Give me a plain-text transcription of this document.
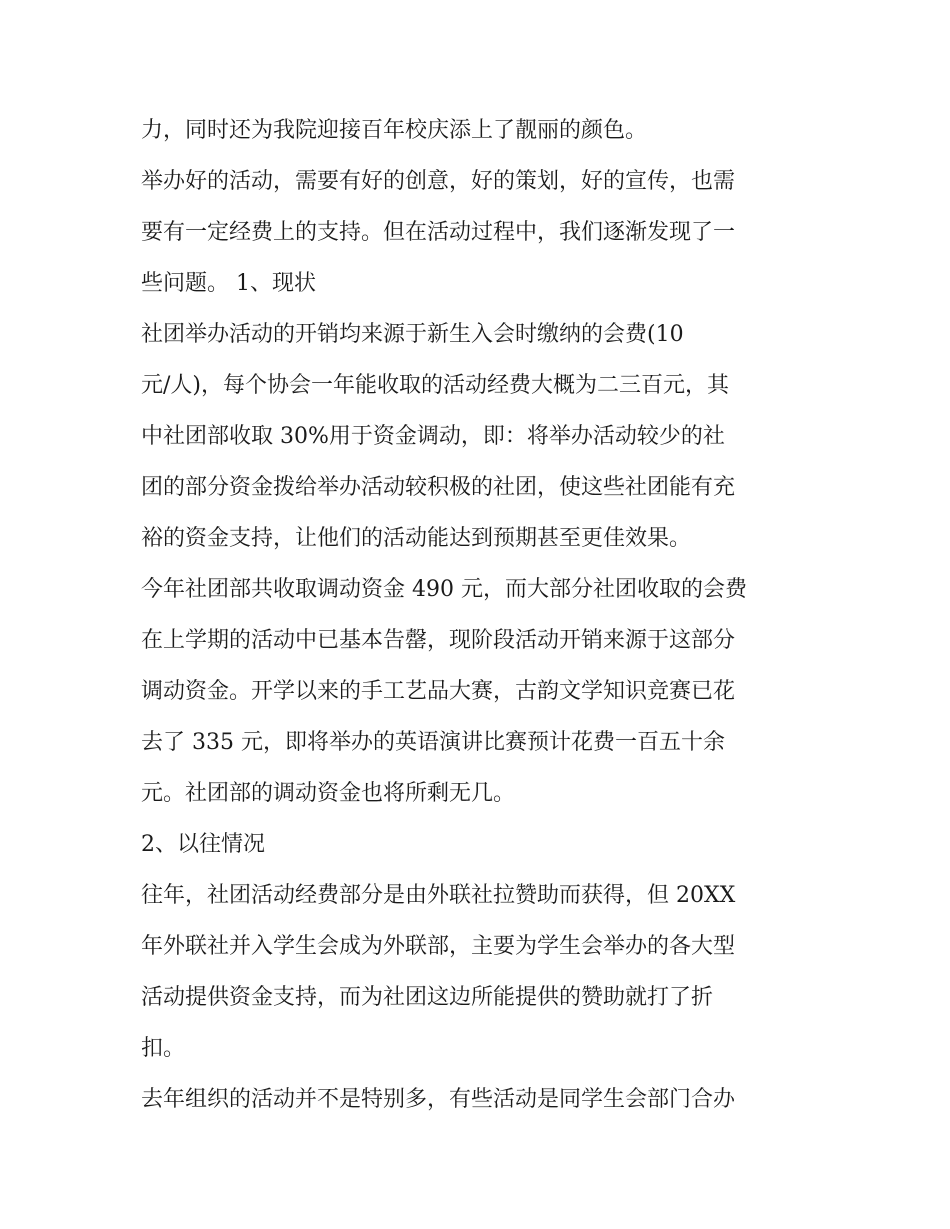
力，同时还为我院迎接百年校庆添上了靓丽的颜色。
举办好的活动，需要有好的创意，好的策划，好的宣传，也需
要有一定经费上的支持。但在活动过程中，我们逐渐发现了一
些问题。 1、现状
社团举办活动的开销均来源于新生入会时缴纳的会费(10
元/人)，每个协会一年能收取的活动经费大概为二三百元，其
中社团部收取 30%用于资金调动，即：将举办活动较少的社
团的部分资金拨给举办活动较积极的社团，使这些社团能有充
裕的资金支持，让他们的活动能达到预期甚至更佳效果。
今年社团部共收取调动资金 490 元，而大部分社团收取的会费
在上学期的活动中已基本告罄，现阶段活动开销来源于这部分
调动资金。开学以来的手工艺品大赛，古韵文学知识竞赛已花
去了 335 元，即将举办的英语演讲比赛预计花费一百五十余
元。社团部的调动资金也将所剩无几。
2、以往情况
往年，社团活动经费部分是由外联社拉赞助而获得，但 20XX
年外联社并入学生会成为外联部，主要为学生会举办的各大型
活动提供资金支持，而为社团这边所能提供的赞助就打了折
扣。
去年组织的活动并不是特别多，有些活动是同学生会部门合办
